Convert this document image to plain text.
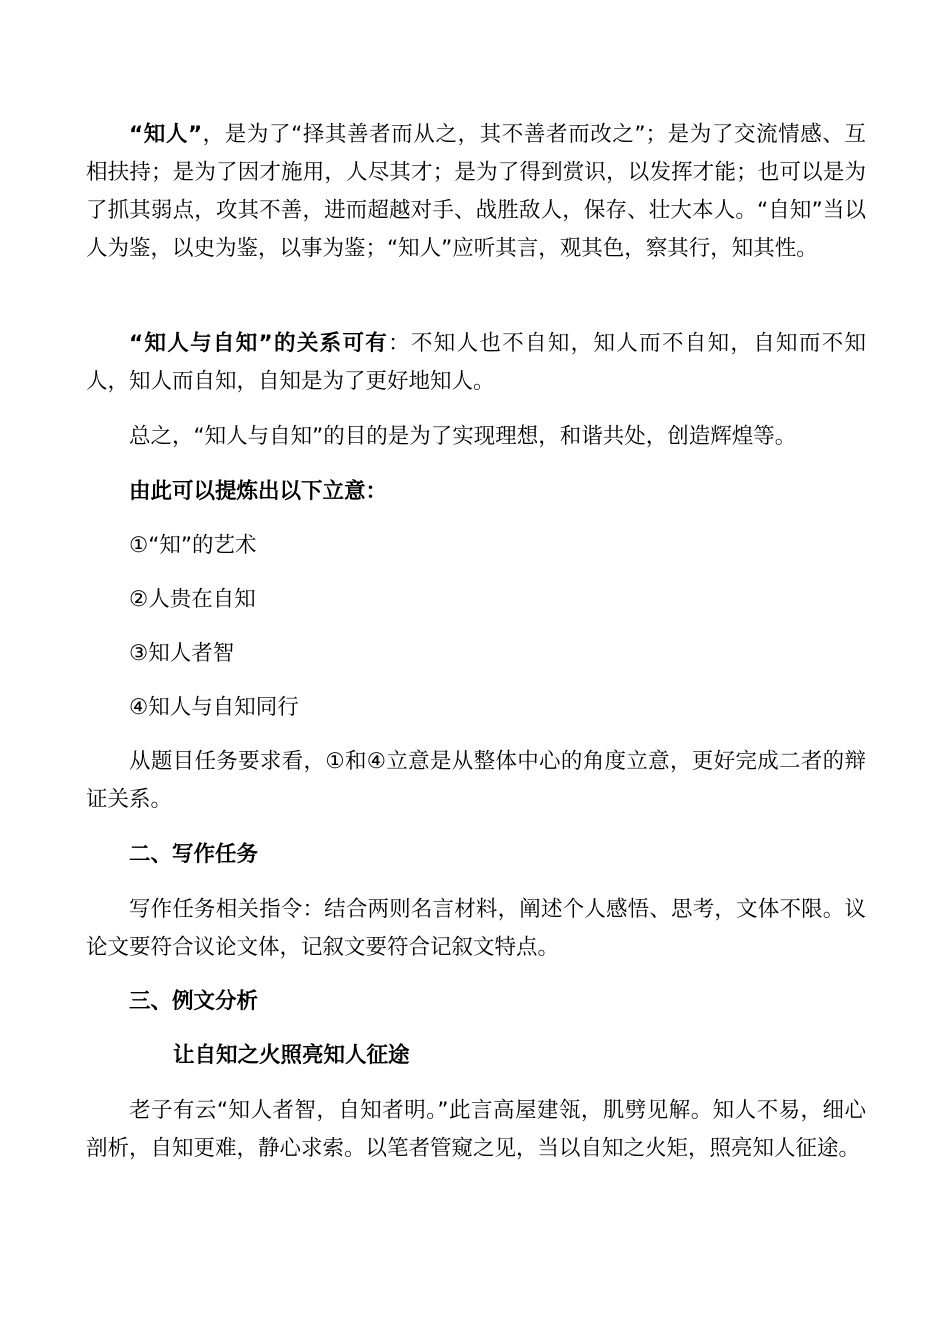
“知人”，是为了“择其善者而从之，其不善者而改之”；是为了交流情感、互相扶持；是为了因才施用，人尽其才；是为了得到赏识，以发挥才能；也可以是为了抓其弱点，攻其不善，进而超越对手、战胜敌人，保存、壮大本人。“自知”当以人为鉴，以史为鉴，以事为鉴；“知人”应听其言，观其色，察其行，知其性。

“知人与自知”的关系可有：不知人也不自知，知人而不自知，自知而不知人，知人而自知，自知是为了更好地知人。

总之，“知人与自知”的目的是为了实现理想，和谐共处，创造辉煌等。

由此可以提炼出以下立意：

①“知”的艺术

②人贵在自知

③知人者智

④知人与自知同行

从题目任务要求看，①和④立意是从整体中心的角度立意，更好完成二者的辩证关系。

二、写作任务

写作任务相关指令：结合两则名言材料，阐述个人感悟、思考，文体不限。议论文要符合议论文体，记叙文要符合记叙文特点。

三、例文分析

让自知之火照亮知人征途

老子有云“知人者智，自知者明。”此言高屋建瓴，肌劈见解。知人不易，细心剖析，自知更难，静心求索。以笔者管窥之见，当以自知之火矩，照亮知人征途。
